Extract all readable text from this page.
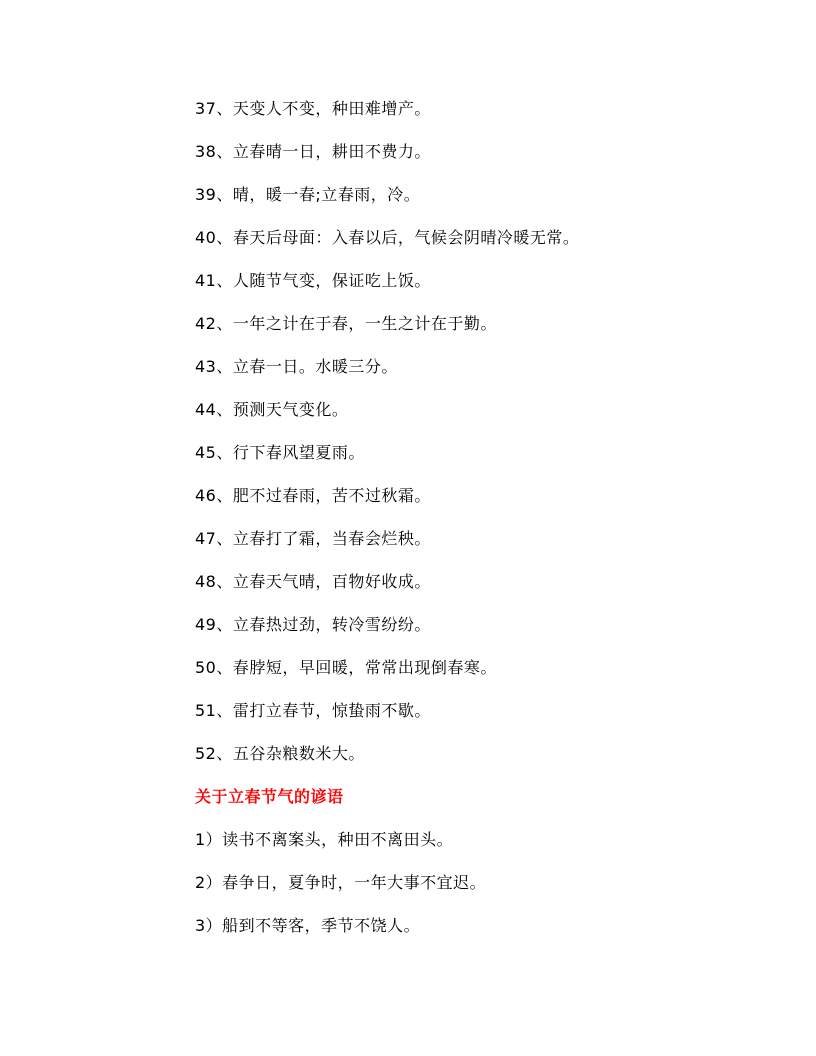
37、天变人不变，种田难增产。
38、立春晴一日，耕田不费力。
39、晴，暖一春;立春雨，冷。
40、春天后母面：入春以后，气候会阴晴冷暖无常。
41、人随节气变，保证吃上饭。
42、一年之计在于春，一生之计在于勤。
43、立春一日。水暖三分。
44、预测天气变化。
45、行下春风望夏雨。
46、肥不过春雨，苦不过秋霜。
47、立春打了霜，当春会烂秧。
48、立春天气晴，百物好收成。
49、立春热过劲，转冷雪纷纷。
50、春脖短，早回暖，常常出现倒春寒。
51、雷打立春节，惊蛰雨不歇。
52、五谷杂粮数米大。
关于立春节气的谚语
1）读书不离案头，种田不离田头。
2）春争日，夏争时，一年大事不宜迟。
3）船到不等客，季节不饶人。
